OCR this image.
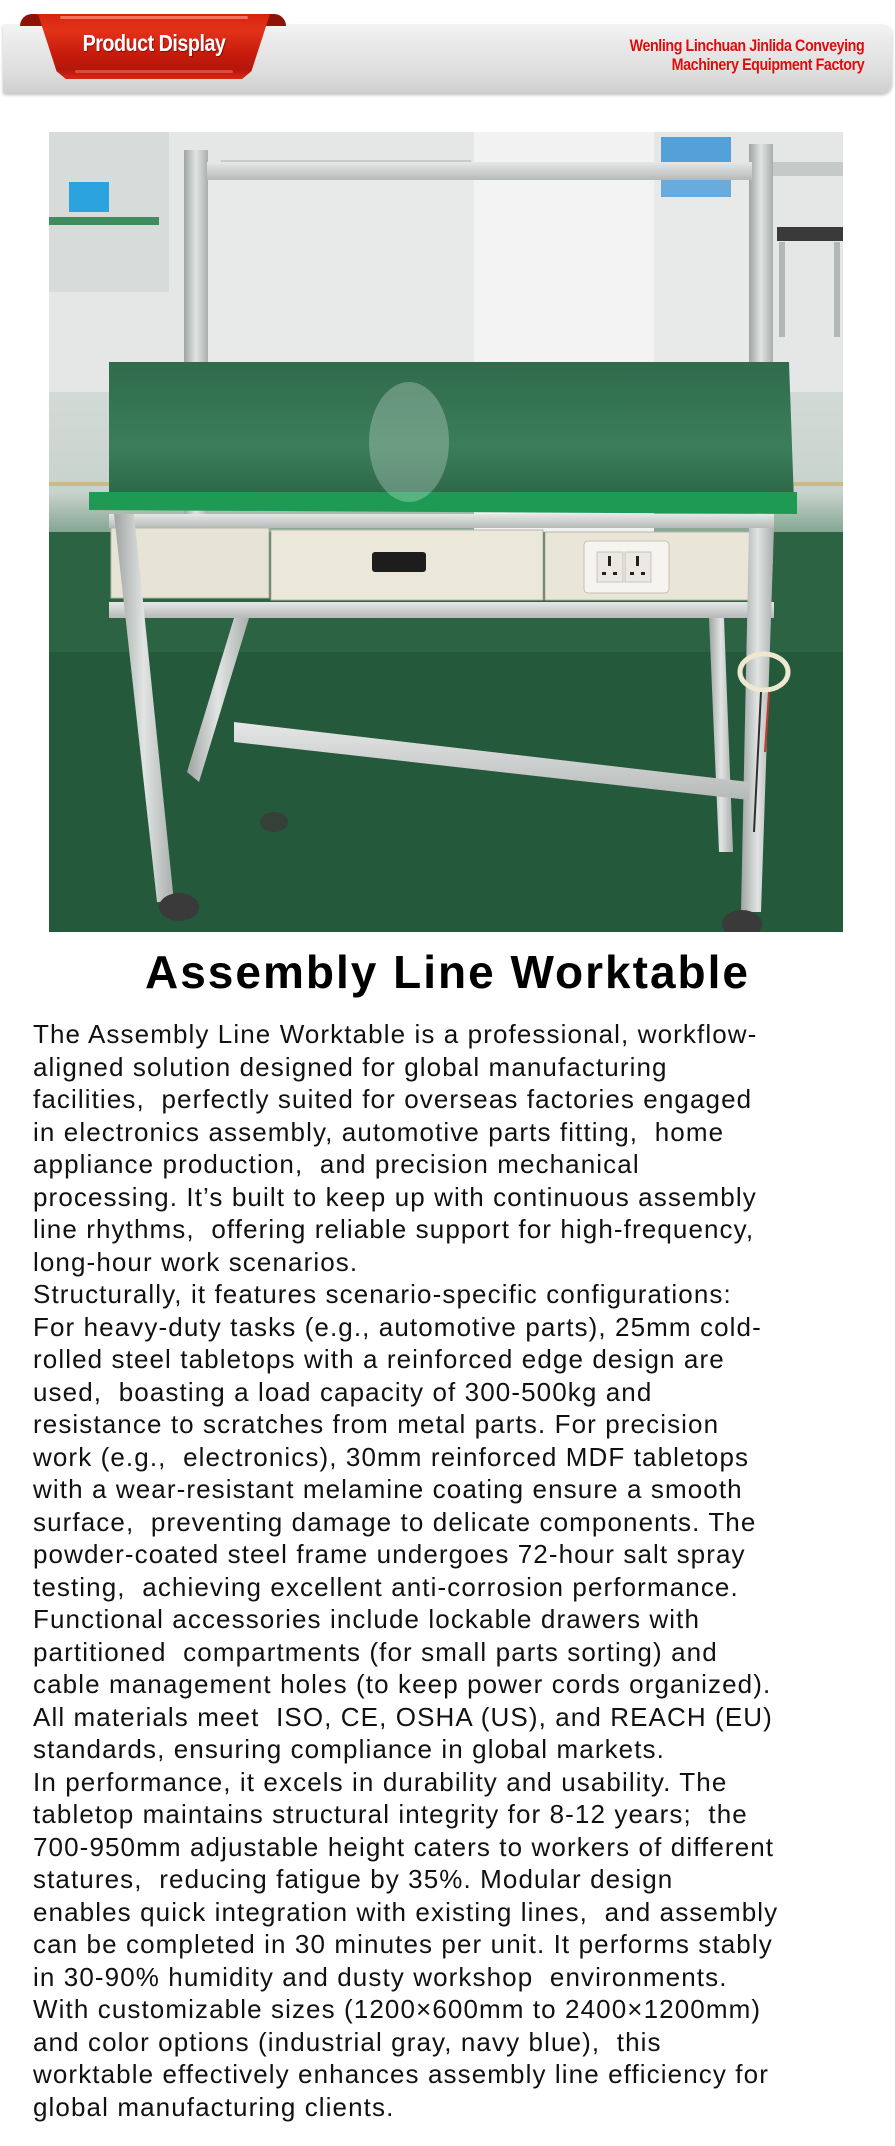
Product Display	Wenling Linchuan Jinlida Conveying
Machinery Equipment Factory
Assembly Line Worktable
The Assembly Line Worktable is a professional, workflow-
aligned solution designed for global manufacturing
facilities,  perfectly suited for overseas factories engaged
in electronics assembly, automotive parts fitting,  home
appliance production,  and precision mechanical
processing. It’s built to keep up with continuous assembly
line rhythms,  offering reliable support for high-frequency,
long-hour work scenarios.
Structurally, it features scenario-specific configurations:
For heavy-duty tasks (e.g., automotive parts), 25mm cold-
rolled steel tabletops with a reinforced edge design are
used,  boasting a load capacity of 300-500kg and
resistance to scratches from metal parts. For precision
work (e.g.,  electronics), 30mm reinforced MDF tabletops
with a wear-resistant melamine coating ensure a smooth
surface,  preventing damage to delicate components. The
powder-coated steel frame undergoes 72-hour salt spray
testing,  achieving excellent anti-corrosion performance.
Functional accessories include lockable drawers with
partitioned  compartments (for small parts sorting) and
cable management holes (to keep power cords organized).
All materials meet  ISO, CE, OSHA (US), and REACH (EU)
standards, ensuring compliance in global markets.
In performance, it excels in durability and usability. The
tabletop maintains structural integrity for 8-12 years;  the
700-950mm adjustable height caters to workers of different
statures,  reducing fatigue by 35%. Modular design
enables quick integration with existing lines,  and assembly
can be completed in 30 minutes per unit. It performs stably
in 30-90% humidity and dusty workshop  environments.
With customizable sizes (1200×600mm to 2400×1200mm)
and color options (industrial gray, navy blue),  this
worktable effectively enhances assembly line efficiency for
global manufacturing clients.
